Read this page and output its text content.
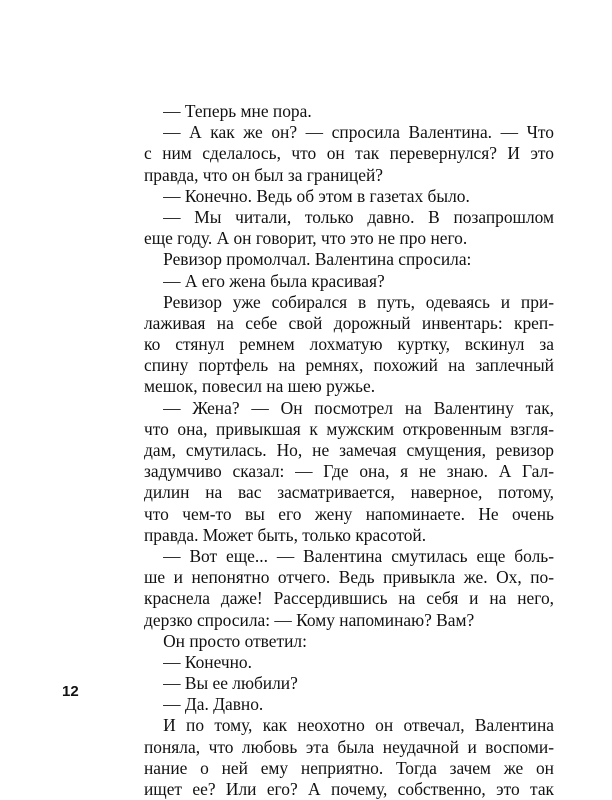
— Теперь мне пора.
— А как же он? — спросила Валентина. — Что
с ним сделалось, что он так перевернулся? И это
правда, что он был за границей?
— Конечно. Ведь об этом в газетах было.
— Мы читали, только давно. В позапрошлом
еще году. А он говорит, что это не про него.
Ревизор промолчал. Валентина спросила:
— А его жена была красивая?
Ревизор уже собирался в путь, одеваясь и при-
лаживая на себе свой дорожный инвентарь: креп-
ко стянул ремнем лохматую куртку, вскинул за
спину портфель на ремнях, похожий на заплечный
мешок, повесил на шею ружье.
— Жена? — Он посмотрел на Валентину так,
что она, привыкшая к мужским откровенным взгля-
дам, смутилась. Но, не замечая смущения, ревизор
задумчиво сказал: — Где она, я не знаю. А Гал-
дилин на вас засматривается, наверное, потому,
что чем-то вы его жену напоминаете. Не очень
правда. Может быть, только красотой.
— Вот еще... — Валентина смутилась еще боль-
ше и непонятно отчего. Ведь привыкла же. Ох, по-
краснела даже! Рассердившись на себя и на него,
дерзко спросила: — Кому напоминаю? Вам?
Он просто ответил:
— Конечно.
— Вы ее любили?
— Да. Давно.
И по тому, как неохотно он отвечал, Валентина
поняла, что любовь эта была неудачной и воспоми-
нание о ней ему неприятно. Тогда зачем же он
ищет ее? Или его? А почему, собственно, это так
12
